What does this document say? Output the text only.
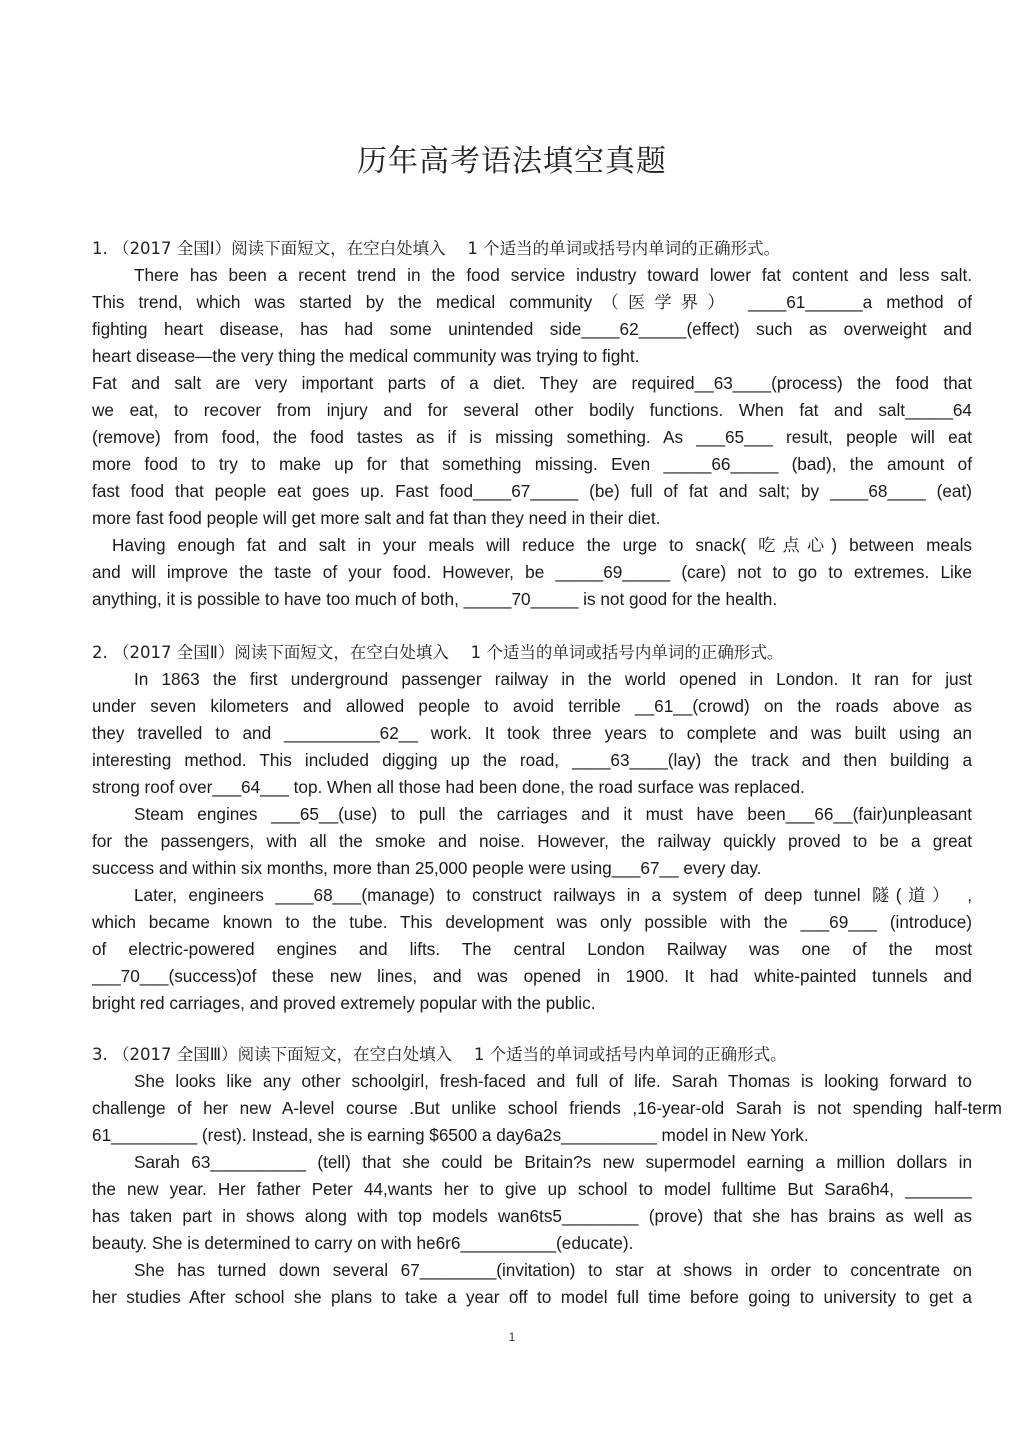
历年高考语法填空真题
1. （2017 全国Ⅰ）阅读下面短文，在空白处填入　 1 个适当的单词或括号内单词的正确形式。
There has been a recent trend in the food service industry toward lower fat content and less salt.
This trend, which was started by the medical community（医学界） ____61______a method of
fighting heart disease, has had some unintended side____62_____(effect) such as overweight and
heart disease—the very thing the medical community was trying to fight.
Fat and salt are very important parts of a diet. They are required__63____(process) the food that
we eat, to recover from injury and for several other bodily functions. When fat and salt_____64
(remove) from food, the food tastes as if is missing something. As ___65___ result, people will eat
more food to try to make up for that something missing. Even _____66_____ (bad), the amount of
fast food that people eat goes up. Fast food____67_____ (be) full of fat and salt; by ____68____ (eat)
more fast food people will get more salt and fat than they need in their diet.
Having enough fat and salt in your meals will reduce the urge to snack( 吃点心) between meals
and will improve the taste of your food. However, be _____69_____ (care) not to go to extremes. Like
anything, it is possible to have too much of both, _____70_____ is not good for the health.
2. （2017 全国Ⅱ）阅读下面短文，在空白处填入　 1 个适当的单词或括号内单词的正确形式。
In 1863 the first underground passenger railway in the world opened in London. It ran for just
under seven kilometers and allowed people to avoid terrible __61__(crowd) on the roads above as
they travelled to and __________62__ work. It took three years to complete and was built using an
interesting method. This included digging up the road, ____63____(lay) the track and then building a
strong roof over___64___ top. When all those had been done, the road surface was replaced.
Steam engines ___65__(use) to pull the carriages and it must have been___66__(fair)unpleasant
for the passengers, with all the smoke and noise. However, the railway quickly proved to be a great
success and within six months, more than 25,000 people were using___67__ every day.
Later, engineers ____68___(manage) to construct railways in a system of deep tunnel 隧(道） ,
which became known to the tube. This development was only possible with the ___69___ (introduce)
of electric-powered engines and lifts. The central London Railway was one of the most
___70___(success)of these new lines, and was opened in 1900. It had white-painted tunnels and
bright red carriages, and proved extremely popular with the public.
3. （2017 全国Ⅲ）阅读下面短文，在空白处填入　 1 个适当的单词或括号内单词的正确形式。
She looks like any other schoolgirl, fresh-faced and full of life. Sarah Thomas is looking forward to
challenge of her new A-level course .But unlike school friends ,16-year-old Sarah is not spending half-term
61_________ (rest). Instead, she is earning $6500 a day6a2s__________ model in New York.
Sarah 63__________ (tell) that she could be Britain?s new supermodel earning a million dollars in
the new year. Her father Peter 44,wants her to give up school to model fulltime But Sara6h4, _______
has taken part in shows along with top models wan6ts5________ (prove) that she has brains as well as
beauty. She is determined to carry on with he6r6__________(educate).
She has turned down several 67________(invitation) to star at shows in order to concentrate on
her studies After school she plans to take a year off to model full time before going to university to get a
1
